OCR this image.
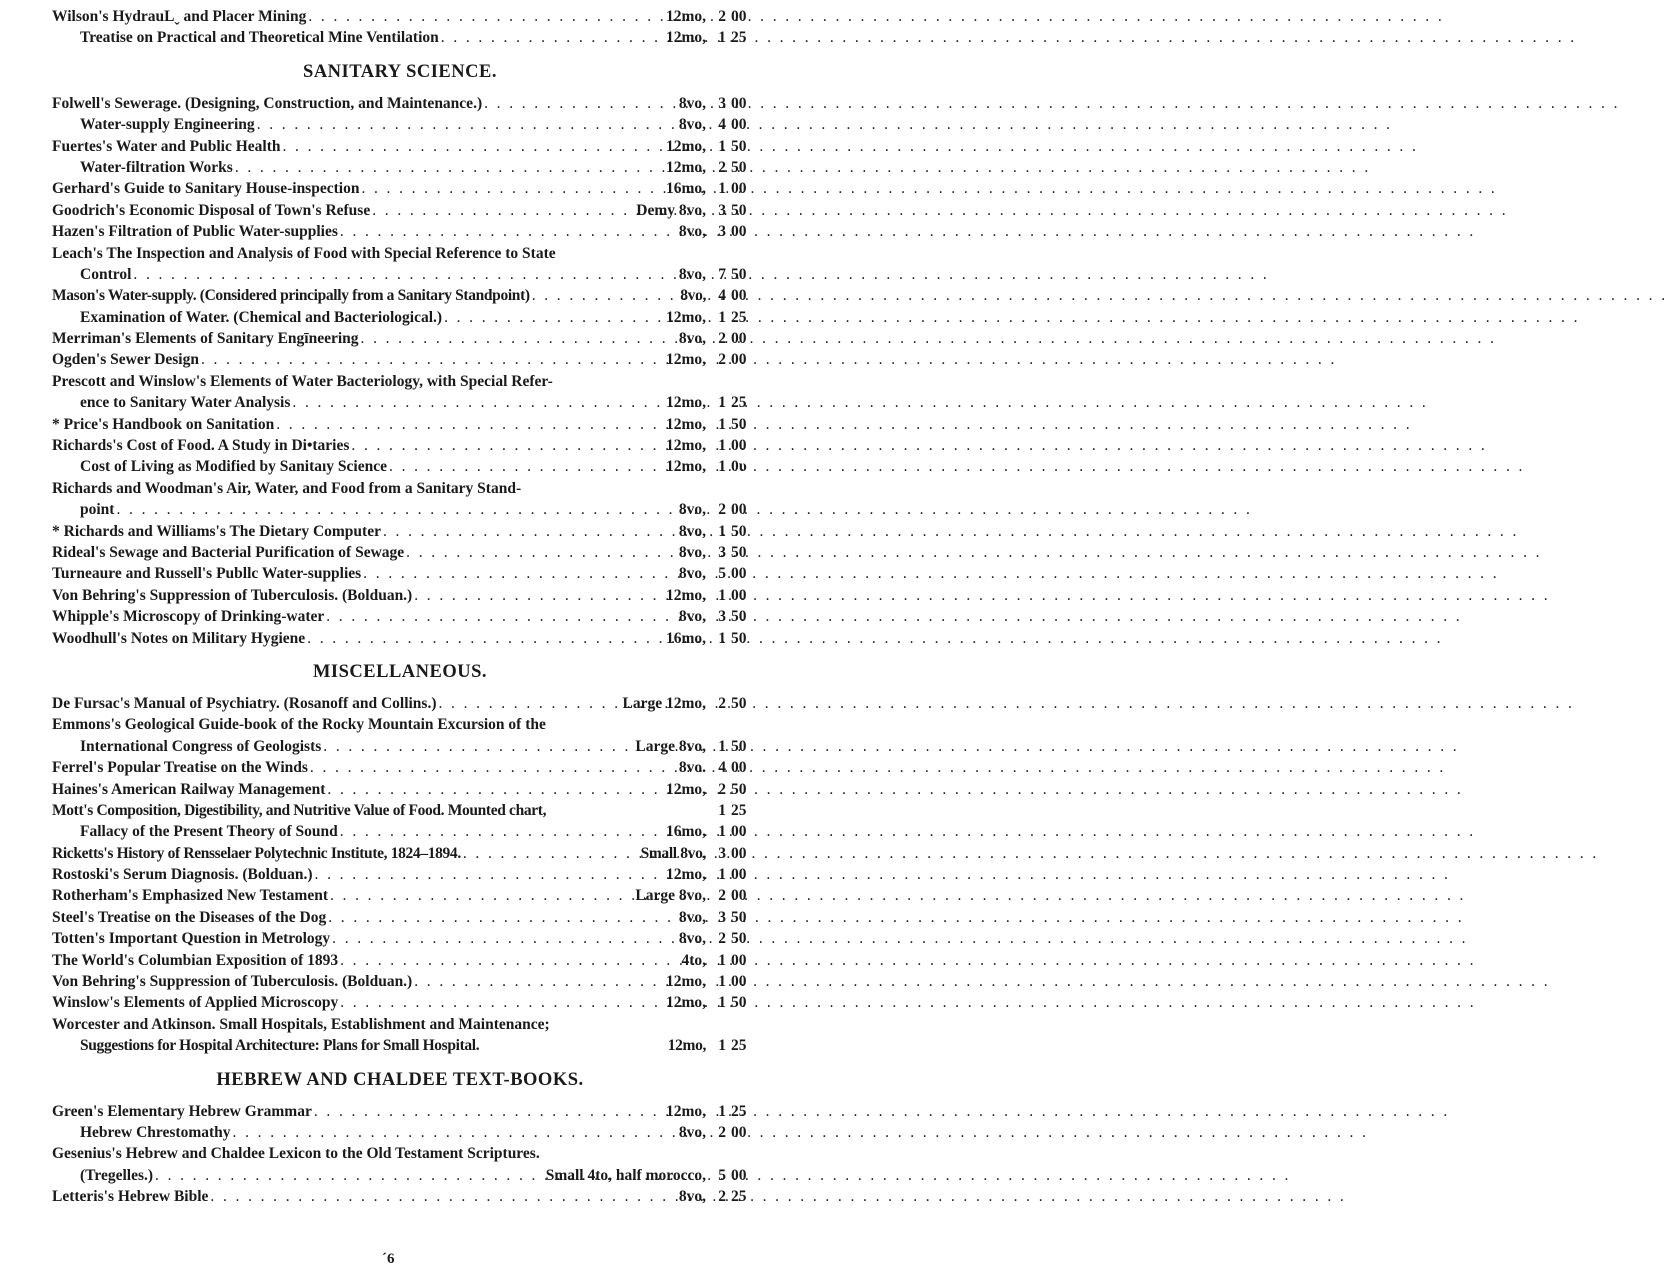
Wilson's HydrauLˬ and Placer Mining . . .	12mo, 2 00
Treatise on Practical and Theoretical Mine Ventilation . . .	12mo, 1 25
SANITARY SCIENCE.
Folwell's Sewerage. (Designing, Construction, and Maintenance.) . . .	8vo, 3 00
Water-supply Engineering . . .	8vo, 4 00
Fuertes's Water and Public Health . . .	12mo, 1 50
Water-filtration Works . . .	12mo, 2 50
Gerhard's Guide to Sanitary House-inspection . . .	16mo, 1 00
Goodrich's Economic Disposal of Town's Refuse . . .	Demy 8vo, 3 50
Hazen's Filtration of Public Water-supplies . . .	8vo, 3 00
Leach's The Inspection and Analysis of Food with Special Reference to State
Control . . .	8vo, 7 50
Maѕon's Water-supply. (Considered principally from a Sanitary Standpoint) . . .	8vo, 4 00
Examination of Water. (Chemical and Bacteriological.) . . .	12mo, 1 25
Merriman's Elements of Sanitary Engīneering . . .	8vo, 2 00
Ogden's Sewer Design . . .	12mo, 2 00
Prescott and Winslow's Elements of Water Bacteriology, with Special Refer-
ence to Sanitary Water Analysis . . .	12mo, 1 25
* Price's Handbook on Sanitation . . .	12mo, 1 50
Richards's Cost of Food. A Study in Di•taries . . .	12mo, 1 00
Cost of Living as Modified by Sanitaıy Science . . .	12mo, 1 0υ
Richards and Woodman's Air, Water, and Food from a Sanitary Stand-
point . . .	8vo, 2 00
* Richards and Williams's The Dietary Computer . . .	8vo, 1 50
Rideal's Sewage and Bacterial Purification of Sewage . . .	8vo, 3 50
Turneaure and Russell's Publlc Water-supplies . . .	8vo, 5 00
Von Behring's Suppression of Tuberculosis. (Bolduan.) . . .	12mo, 1 00
Whipple's Microscopy of Drinking-water . . .	8vo, 3 50
Woodhull's Notes on Military Hygiene . . .	16mo, 1 50
MISCELLANEOUS.
De Fursac's Manual of Psychiatry. (Rosanoff and Collins.) . . .	Large 12mo, 2 50
Emmons's Geological Guide-book of the Rocky Mountain Excursion of the
International Congress of Geologists . . .	Large 8vo, 1 50
Ferrel's Popular Treatise on the Winds . . .	8vo. 4 00
Haines's American Railway Management . . .	12mo, 2 50
Mott's Composition, Digestibility, and Nutritive Value of Food. Mounted chart,	1 25
Fallacy of the Present Theory of Sound . . .	16mo, 1 00
Ricketts's History of Rensselaer Polytechnic Institute, 1824–1894. . . .	Small 8vo, 3 00
Rostoski's Serum Diagnosis. (Bolduan.) . . .	12mo, 1 00
Rotherham's Emphasized New Testament . . .	Large 8vo, 2 00
Steel's Treatise on the Diseases of the Dog . . .	8vo, 3 50
Totten's Important Question in Metrology . . .	8vo, 2 50
The World's Columbian Exposition of 1893 . . .	4to, 1 00
Von Behring's Suppression of Tuberculosis. (Bolduan.) . . .	12mo, 1 00
Winslow's Elements of Applied Microscopy . . .	12mo, 1 50
Worcester and Atkinson. Small Hospitals, Establishment and Maintenance;
Suggestions for Hospital Architecture: Plans for Small Hospital.	12mo, 1 25
HEBREW AND CHALDEE TEXT-BOOKS.
Green's Elementary Hebrew Grammar . . .	12mo, 1 25
Hebrew Chrestomathy . . .	8vo, 2 00
Gesenius's Hebrew and Chaldee Lexicon to the Old Testament Scriptures.
(Tregelles.) . . .	Small 4to, half morocco, 5 00
Letteris's Hebrew Bible . . .	8vo, 2 25
ˊ6
